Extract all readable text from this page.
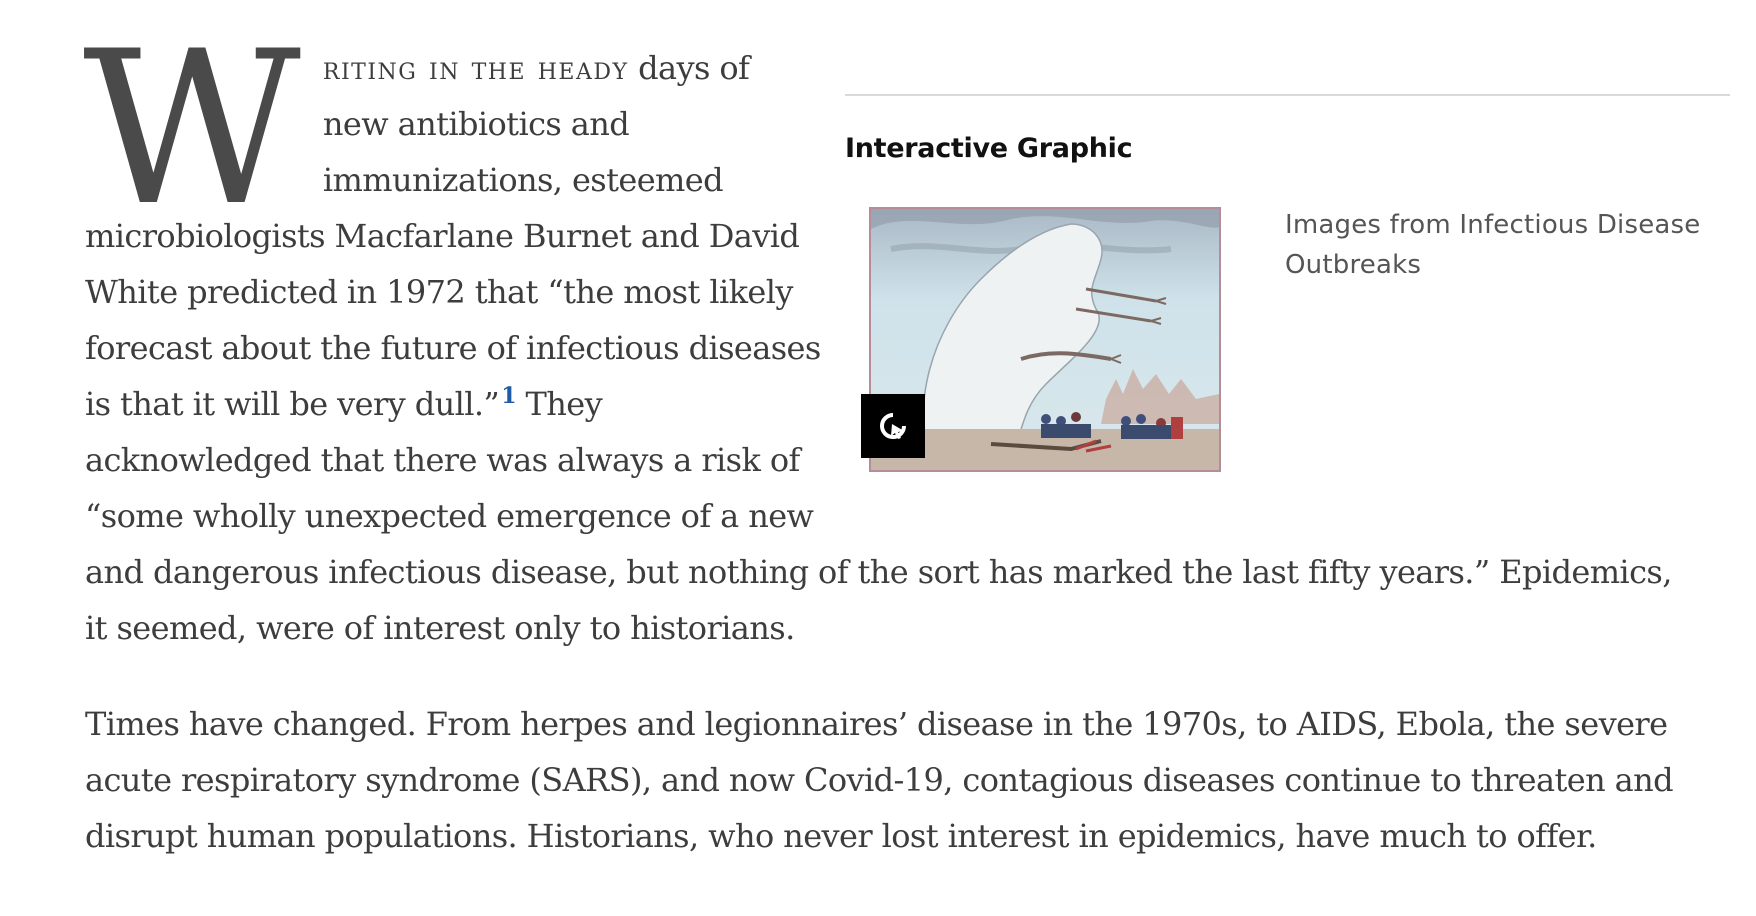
W	Interactive Graphic
Images from Infectious Disease Outbreaks
riting in the heady days of new antibiotics and immunizations, esteemed microbiologists Macfarlane Burnet and David White predicted in 1972 that “the most likely forecast about the future of infectious diseases is that it will be very dull.”$^1$ They acknowledged that there was always a risk of “some wholly unexpected emergence of a new and dangerous infectious disease, but nothing of the sort has marked the last fifty years.” Epidemics, it seemed, were of interest only to historians.

Times have changed. From herpes and legionnaires’ disease in the 1970s, to AIDS, Ebola, the severe acute respiratory syndrome (SARS), and now Covid-19, contagious diseases continue to threaten and disrupt human populations. Historians, who never lost interest in epidemics, have much to offer.
